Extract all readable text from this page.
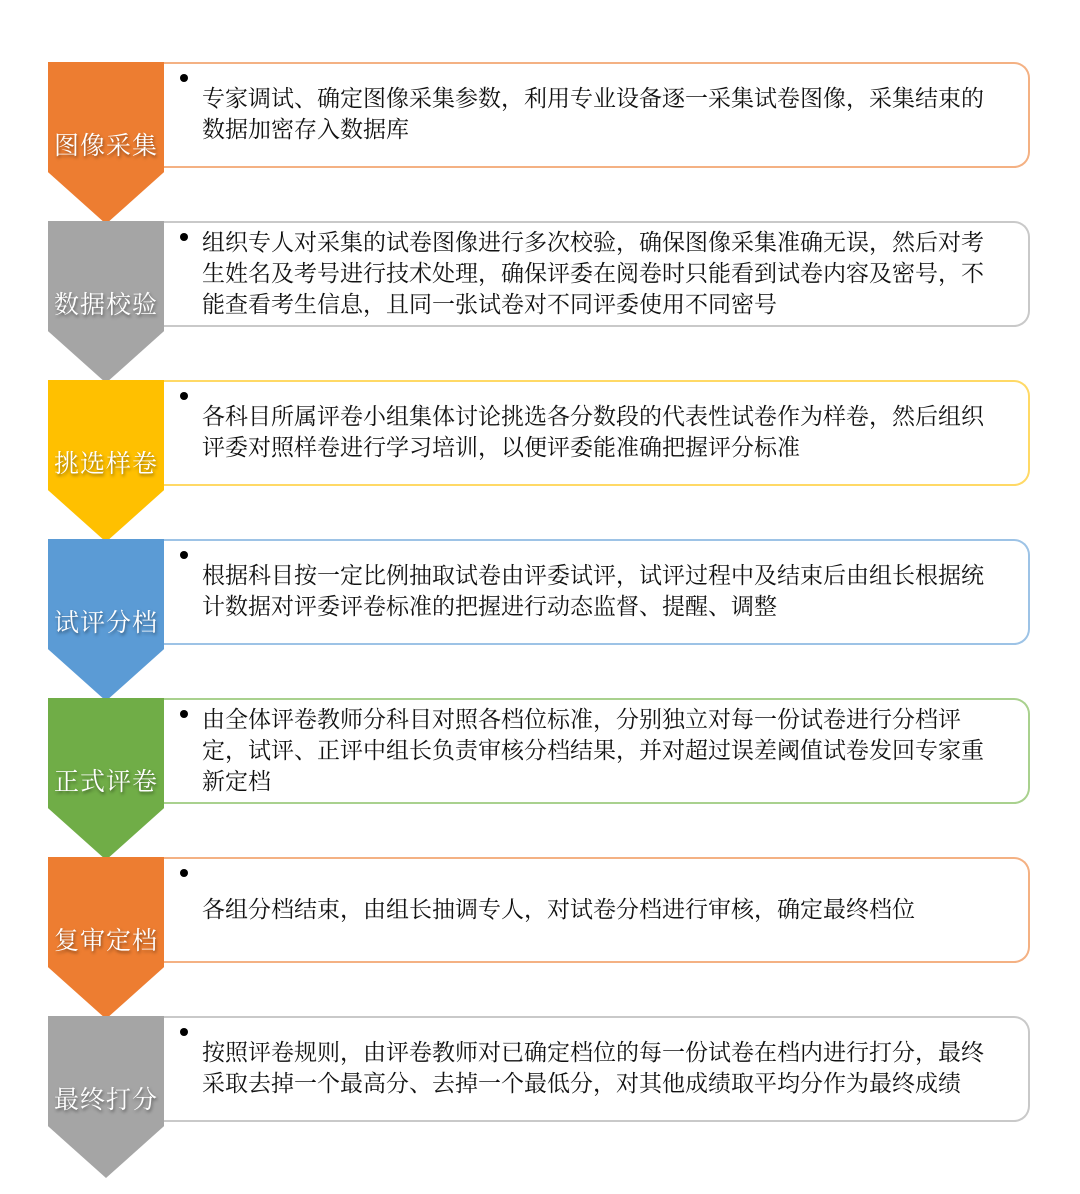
图像采集
专家调试、确定图像采集参数，利用专业设备逐一采集试卷图像，采集结束的数据加密存入数据库
数据校验
组织专人对采集的试卷图像进行多次校验，确保图像采集准确无误，然后对考生姓名及考号进行技术处理，确保评委在阅卷时只能看到试卷内容及密号，不能查看考生信息，且同一张试卷对不同评委使用不同密号
挑选样卷
各科目所属评卷小组集体讨论挑选各分数段的代表性试卷作为样卷，然后组织评委对照样卷进行学习培训，以便评委能准确把握评分标准
试评分档
根据科目按一定比例抽取试卷由评委试评，试评过程中及结束后由组长根据统计数据对评委评卷标准的把握进行动态监督、提醒、调整
正式评卷
由全体评卷教师分科目对照各档位标准，分别独立对每一份试卷进行分档评定，试评、正评中组长负责审核分档结果，并对超过误差阈值试卷发回专家重新定档
复审定档
各组分档结束，由组长抽调专人，对试卷分档进行审核，确定最终档位
最终打分
按照评卷规则，由评卷教师对已确定档位的每一份试卷在档内进行打分，最终采取去掉一个最高分、去掉一个最低分，对其他成绩取平均分作为最终成绩
